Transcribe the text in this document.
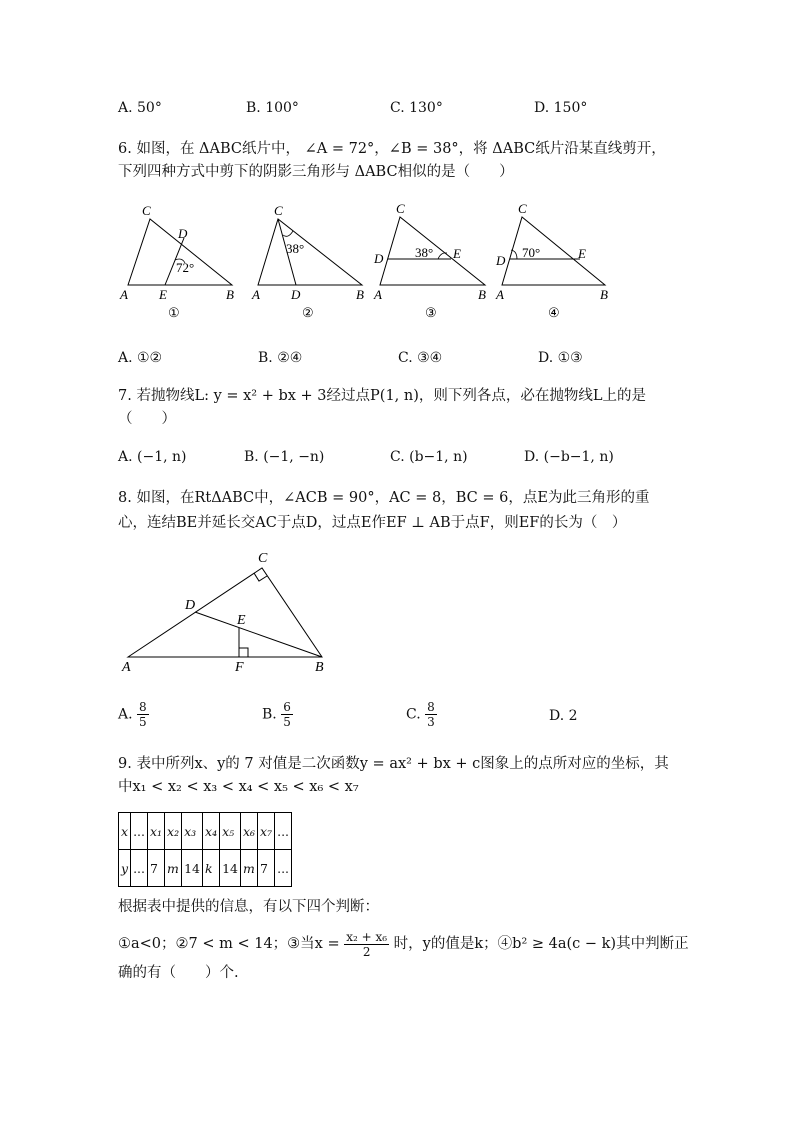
A. 50°	B. 100°	C. 130°	D. 150°
6. 如图，在 ΔABC纸片中， ∠A = 72°，∠B = 38°，将 ΔABC纸片沿某直线剪开，
下列四种方式中剪下的阴影三角形与 ΔABC相似的是（　　）
C
D
72°
A E	B
①
C
38°
A D	B
②
C
D 38° E
A	B
③
C
D
70°	E
A	B
④
A. ①②	B. ②④	C. ③④	D. ①③
7. 若抛物线L: y = x² + bx + 3经过点P(1, n)，则下列各点，必在抛物线L上的是
（　　）
A. (−1, n)	B. (−1, −n)	C. (b−1, n)	D. (−b−1, n)
8. 如图，在RtΔABC中，∠ACB = 90°，AC = 8，BC = 6，点E为此三角形的重
心，连结BE并延长交AC于点D，过点E作EF ⊥ AB于点F，则EF的长为（　）
C
D
E
A	F	B
A. $\frac{8}{5}$	B. $\frac{6}{5}$	C. $\frac{8}{3}$	D. 2
9. 表中所列x、y的 7 对值是二次函数y = ax² + bx + c图象上的点所对应的坐标，其
中x₁ < x₂ < x₃ < x₄ < x₅ < x₆ < x₇
x	...	x₁	x₂	x₃	x₄	x₅	x₆	x₇	...
y	...	7	m	14	k	14	m	7	...
根据表中提供的信息，有以下四个判断：
①a<0；②7 < m < 14；③当$x = \frac{\text{x₂ + x₆}}{2}$ 时，y的值是k；④b² ≥ 4a(c − k)其中判断正
确的有（　　）个.
